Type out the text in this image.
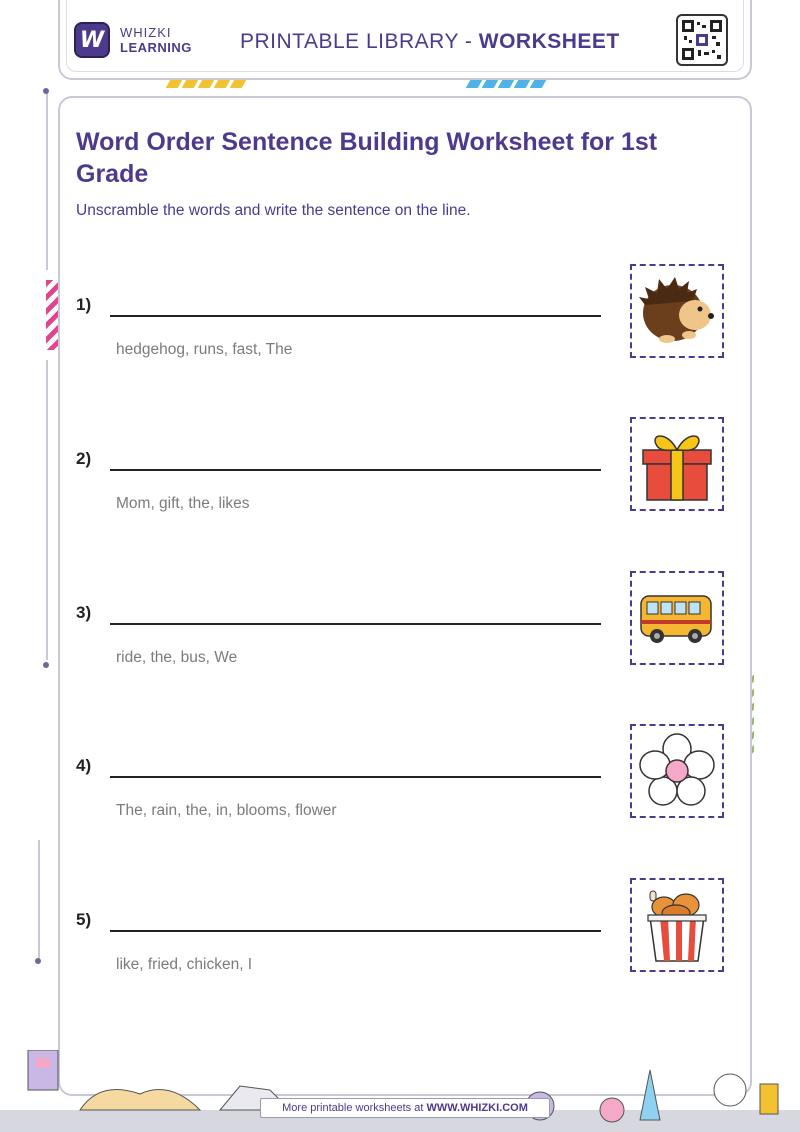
W	WHIZKI
LEARNING PRINTABLE LIBRARY - WORKSHEET
Word Order Sentence Building Worksheet for 1st Grade
Unscramble the words and write the sentence on the line.
1)
hedgehog, runs, fast, The
2)
Mom, gift, the, likes
3)
ride, the, bus, We
4)
The, rain, the, in, blooms, flower
5)
like, fried, chicken, I
More printable worksheets at WWW.WHIZKI.COM
